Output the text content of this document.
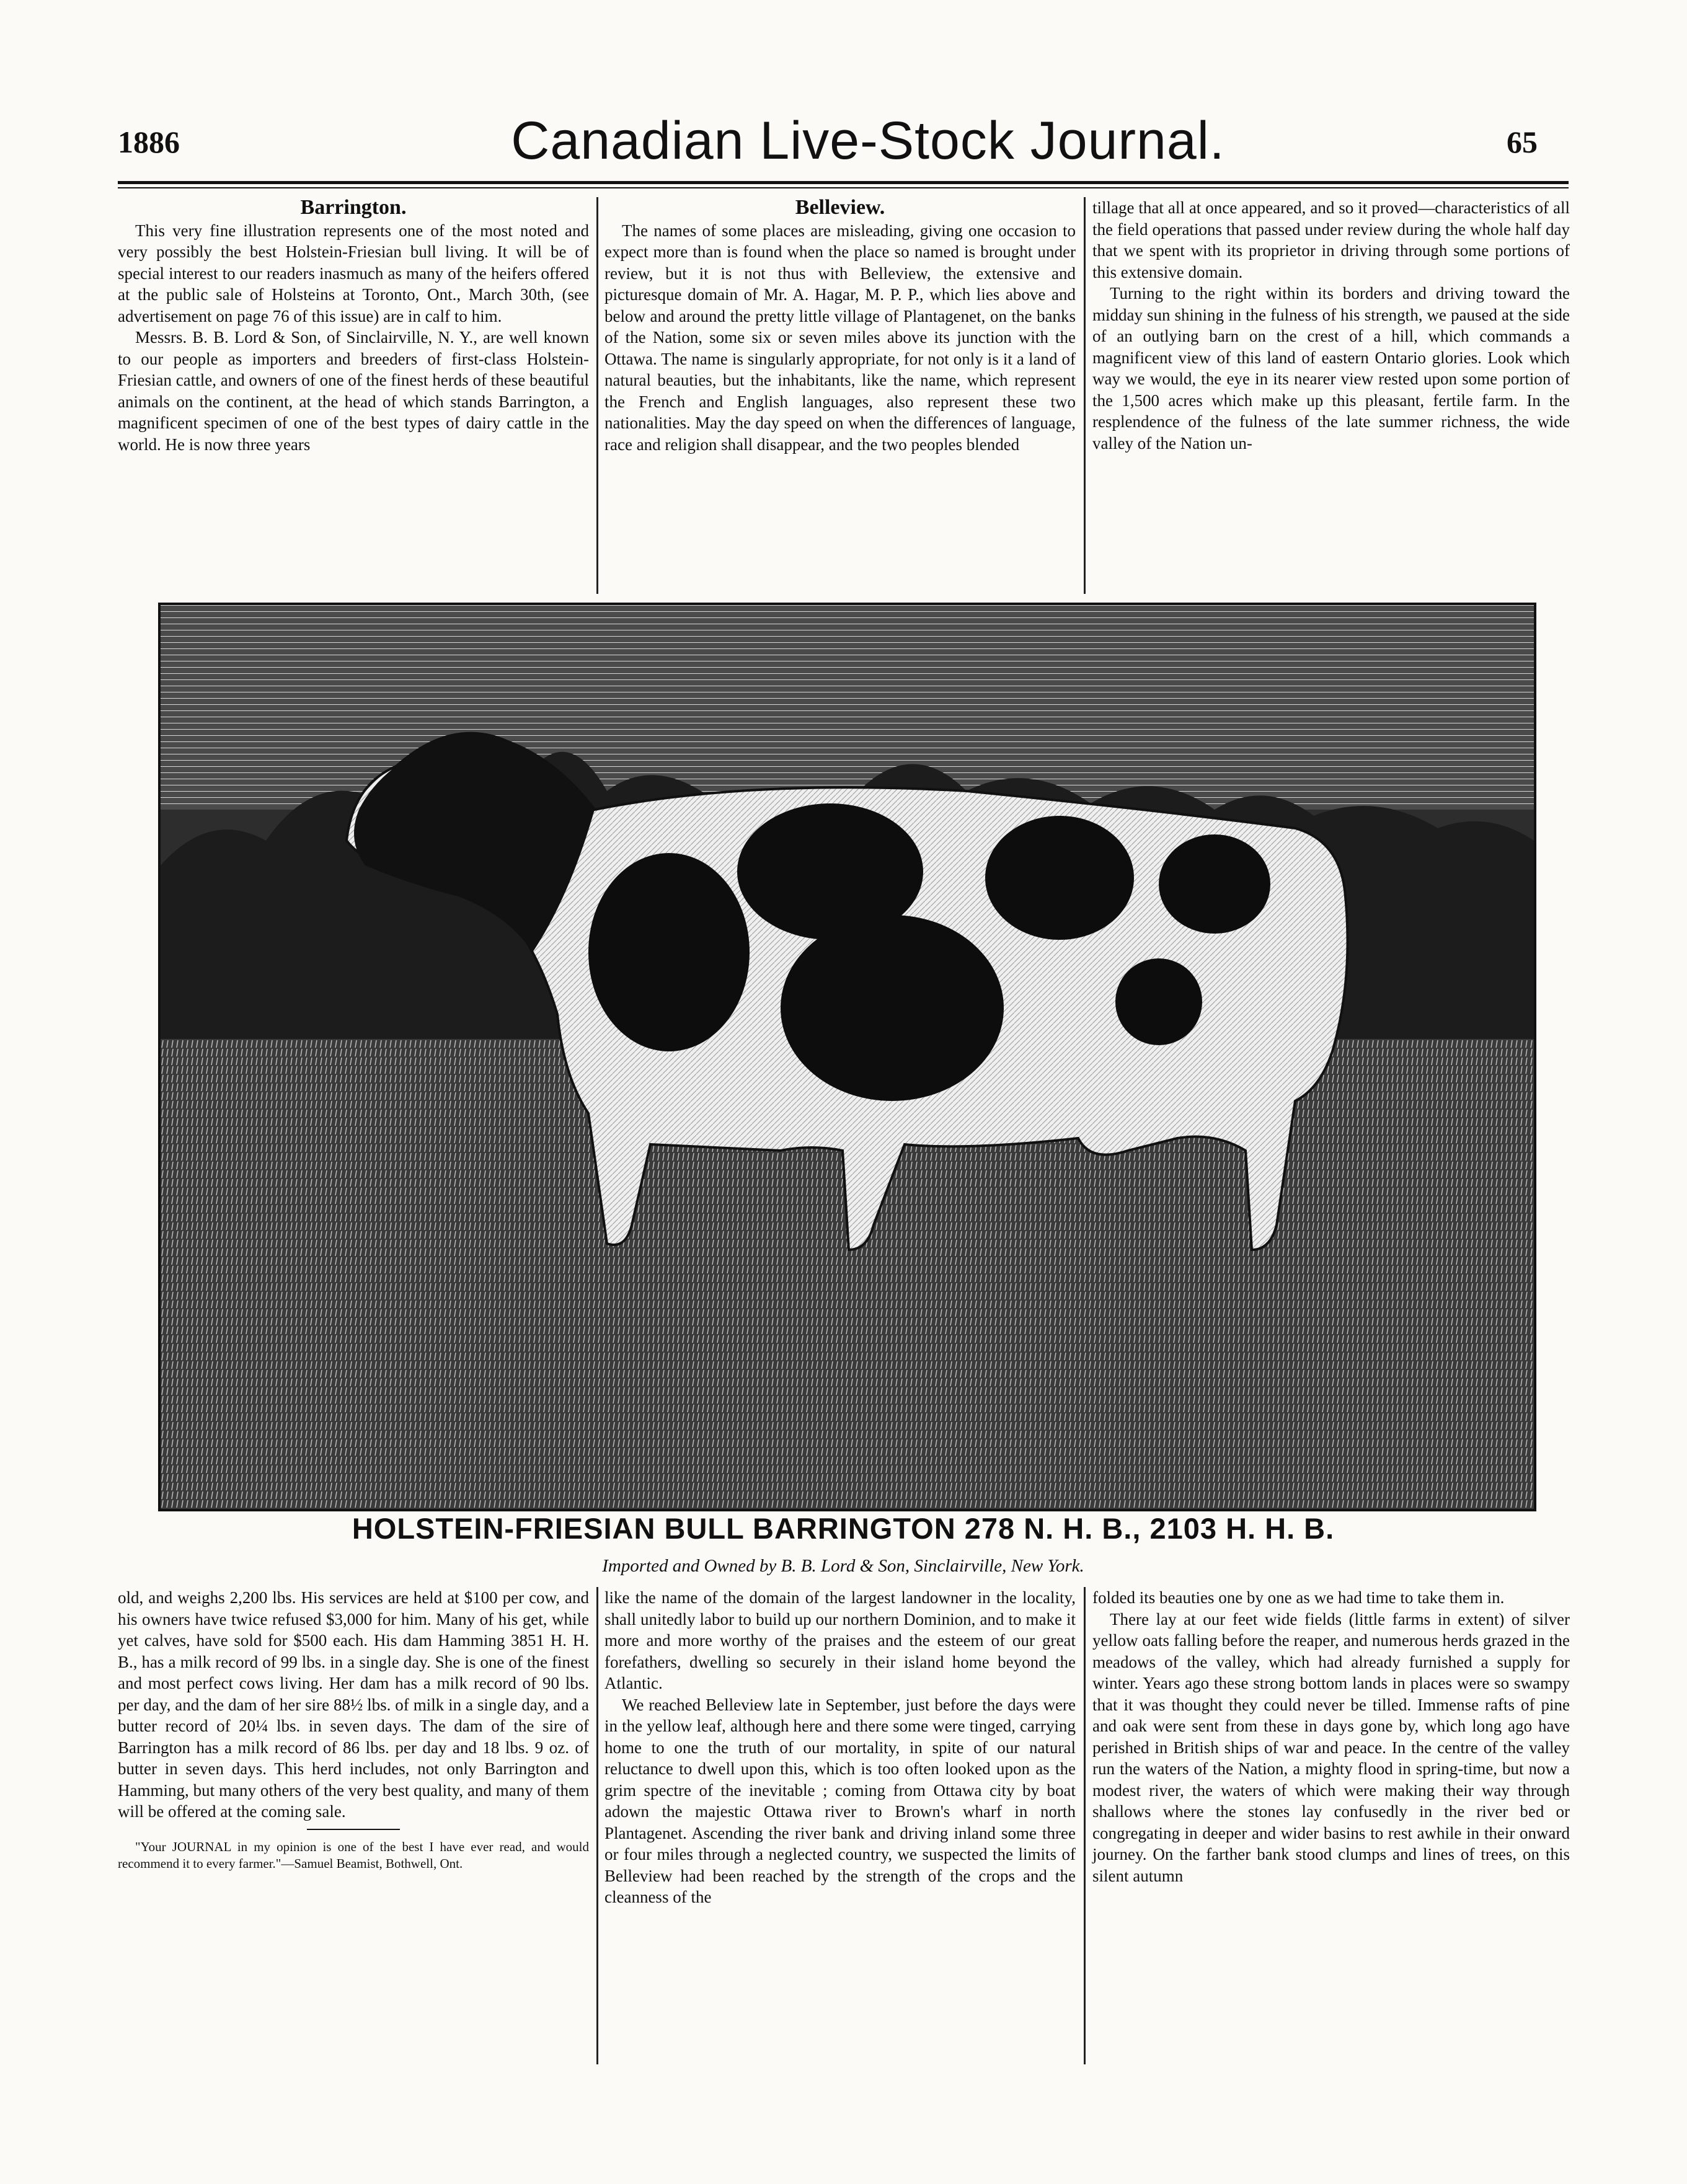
1886	Canadian Live-Stock Journal.	65
Barrington.

This very fine illustration represents one of the most noted and very possibly the best Holstein-Friesian bull living. It will be of special interest to our readers inasmuch as many of the heifers offered at the public sale of Holsteins at Toronto, Ont., March 30th, (see advertisement on page 76 of this issue) are in calf to him.

Messrs. B. B. Lord & Son, of Sinclairville, N. Y., are well known to our people as importers and breeders of first-class Holstein-Friesian cattle, and owners of one of the finest herds of these beautiful animals on the continent, at the head of which stands Barrington, a magnificent specimen of one of the best types of dairy cattle in the world. He is now three years

Belleview.

The names of some places are misleading, giving one occasion to expect more than is found when the place so named is brought under review, but it is not thus with Belleview, the extensive and picturesque domain of Mr. A. Hagar, M. P. P., which lies above and below and around the pretty little village of Plantagenet, on the banks of the Nation, some six or seven miles above its junction with the Ottawa. The name is singularly appropriate, for not only is it a land of natural beauties, but the inhabitants, like the name, which represent the French and English languages, also represent these two nationalities. May the day speed on when the differences of language, race and religion shall disappear, and the two peoples blended

tillage that all at once appeared, and so it proved—characteristics of all the field operations that passed under review during the whole half day that we spent with its proprietor in driving through some portions of this extensive domain.

Turning to the right within its borders and driving toward the midday sun shining in the fulness of his strength, we paused at the side of an outlying barn on the crest of a hill, which commands a magnificent view of this land of eastern Ontario glories. Look which way we would, the eye in its nearer view rested upon some portion of the 1,500 acres which make up this pleasant, fertile farm. In the resplendence of the fulness of the late summer richness, the wide valley of the Nation un-

HOLSTEIN-FRIESIAN BULL BARRINGTON 278 N. H. B., 2103 H. H. B.
Imported and Owned by B. B. Lord & Son, Sinclairville, New York.

old, and weighs 2,200 lbs. His services are held at $100 per cow, and his owners have twice refused $3,000 for him. Many of his get, while yet calves, have sold for $500 each. His dam Hamming 3851 H. H. B., has a milk record of 99 lbs. in a single day. She is one of the finest and most perfect cows living. Her dam has a milk record of 90 lbs. per day, and the dam of her sire 88½ lbs. of milk in a single day, and a butter record of 20¼ lbs. in seven days. The dam of the sire of Barrington has a milk record of 86 lbs. per day and 18 lbs. 9 oz. of butter in seven days. This herd includes, not only Barrington and Hamming, but many others of the very best quality, and many of them will be offered at the coming sale.

"Your JOURNAL in my opinion is one of the best I have ever read, and would recommend it to every farmer."—Samuel Beamist, Bothwell, Ont.

like the name of the domain of the largest landowner in the locality, shall unitedly labor to build up our northern Dominion, and to make it more and more worthy of the praises and the esteem of our great forefathers, dwelling so securely in their island home beyond the Atlantic.

We reached Belleview late in September, just before the days were in the yellow leaf, although here and there some were tinged, carrying home to one the truth of our mortality, in spite of our natural reluctance to dwell upon this, which is too often looked upon as the grim spectre of the inevitable ; coming from Ottawa city by boat adown the majestic Ottawa river to Brown's wharf in north Plantagenet. Ascending the river bank and driving inland some three or four miles through a neglected country, we suspected the limits of Belleview had been reached by the strength of the crops and the cleanness of the

folded its beauties one by one as we had time to take them in.

There lay at our feet wide fields (little farms in extent) of silver yellow oats falling before the reaper, and numerous herds grazed in the meadows of the valley, which had already furnished a supply for winter. Years ago these strong bottom lands in places were so swampy that it was thought they could never be tilled. Immense rafts of pine and oak were sent from these in days gone by, which long ago have perished in British ships of war and peace. In the centre of the valley run the waters of the Nation, a mighty flood in spring-time, but now a modest river, the waters of which were making their way through shallows where the stones lay confusedly in the river bed or congregating in deeper and wider basins to rest awhile in their onward journey. On the farther bank stood clumps and lines of trees, on this silent autumn
